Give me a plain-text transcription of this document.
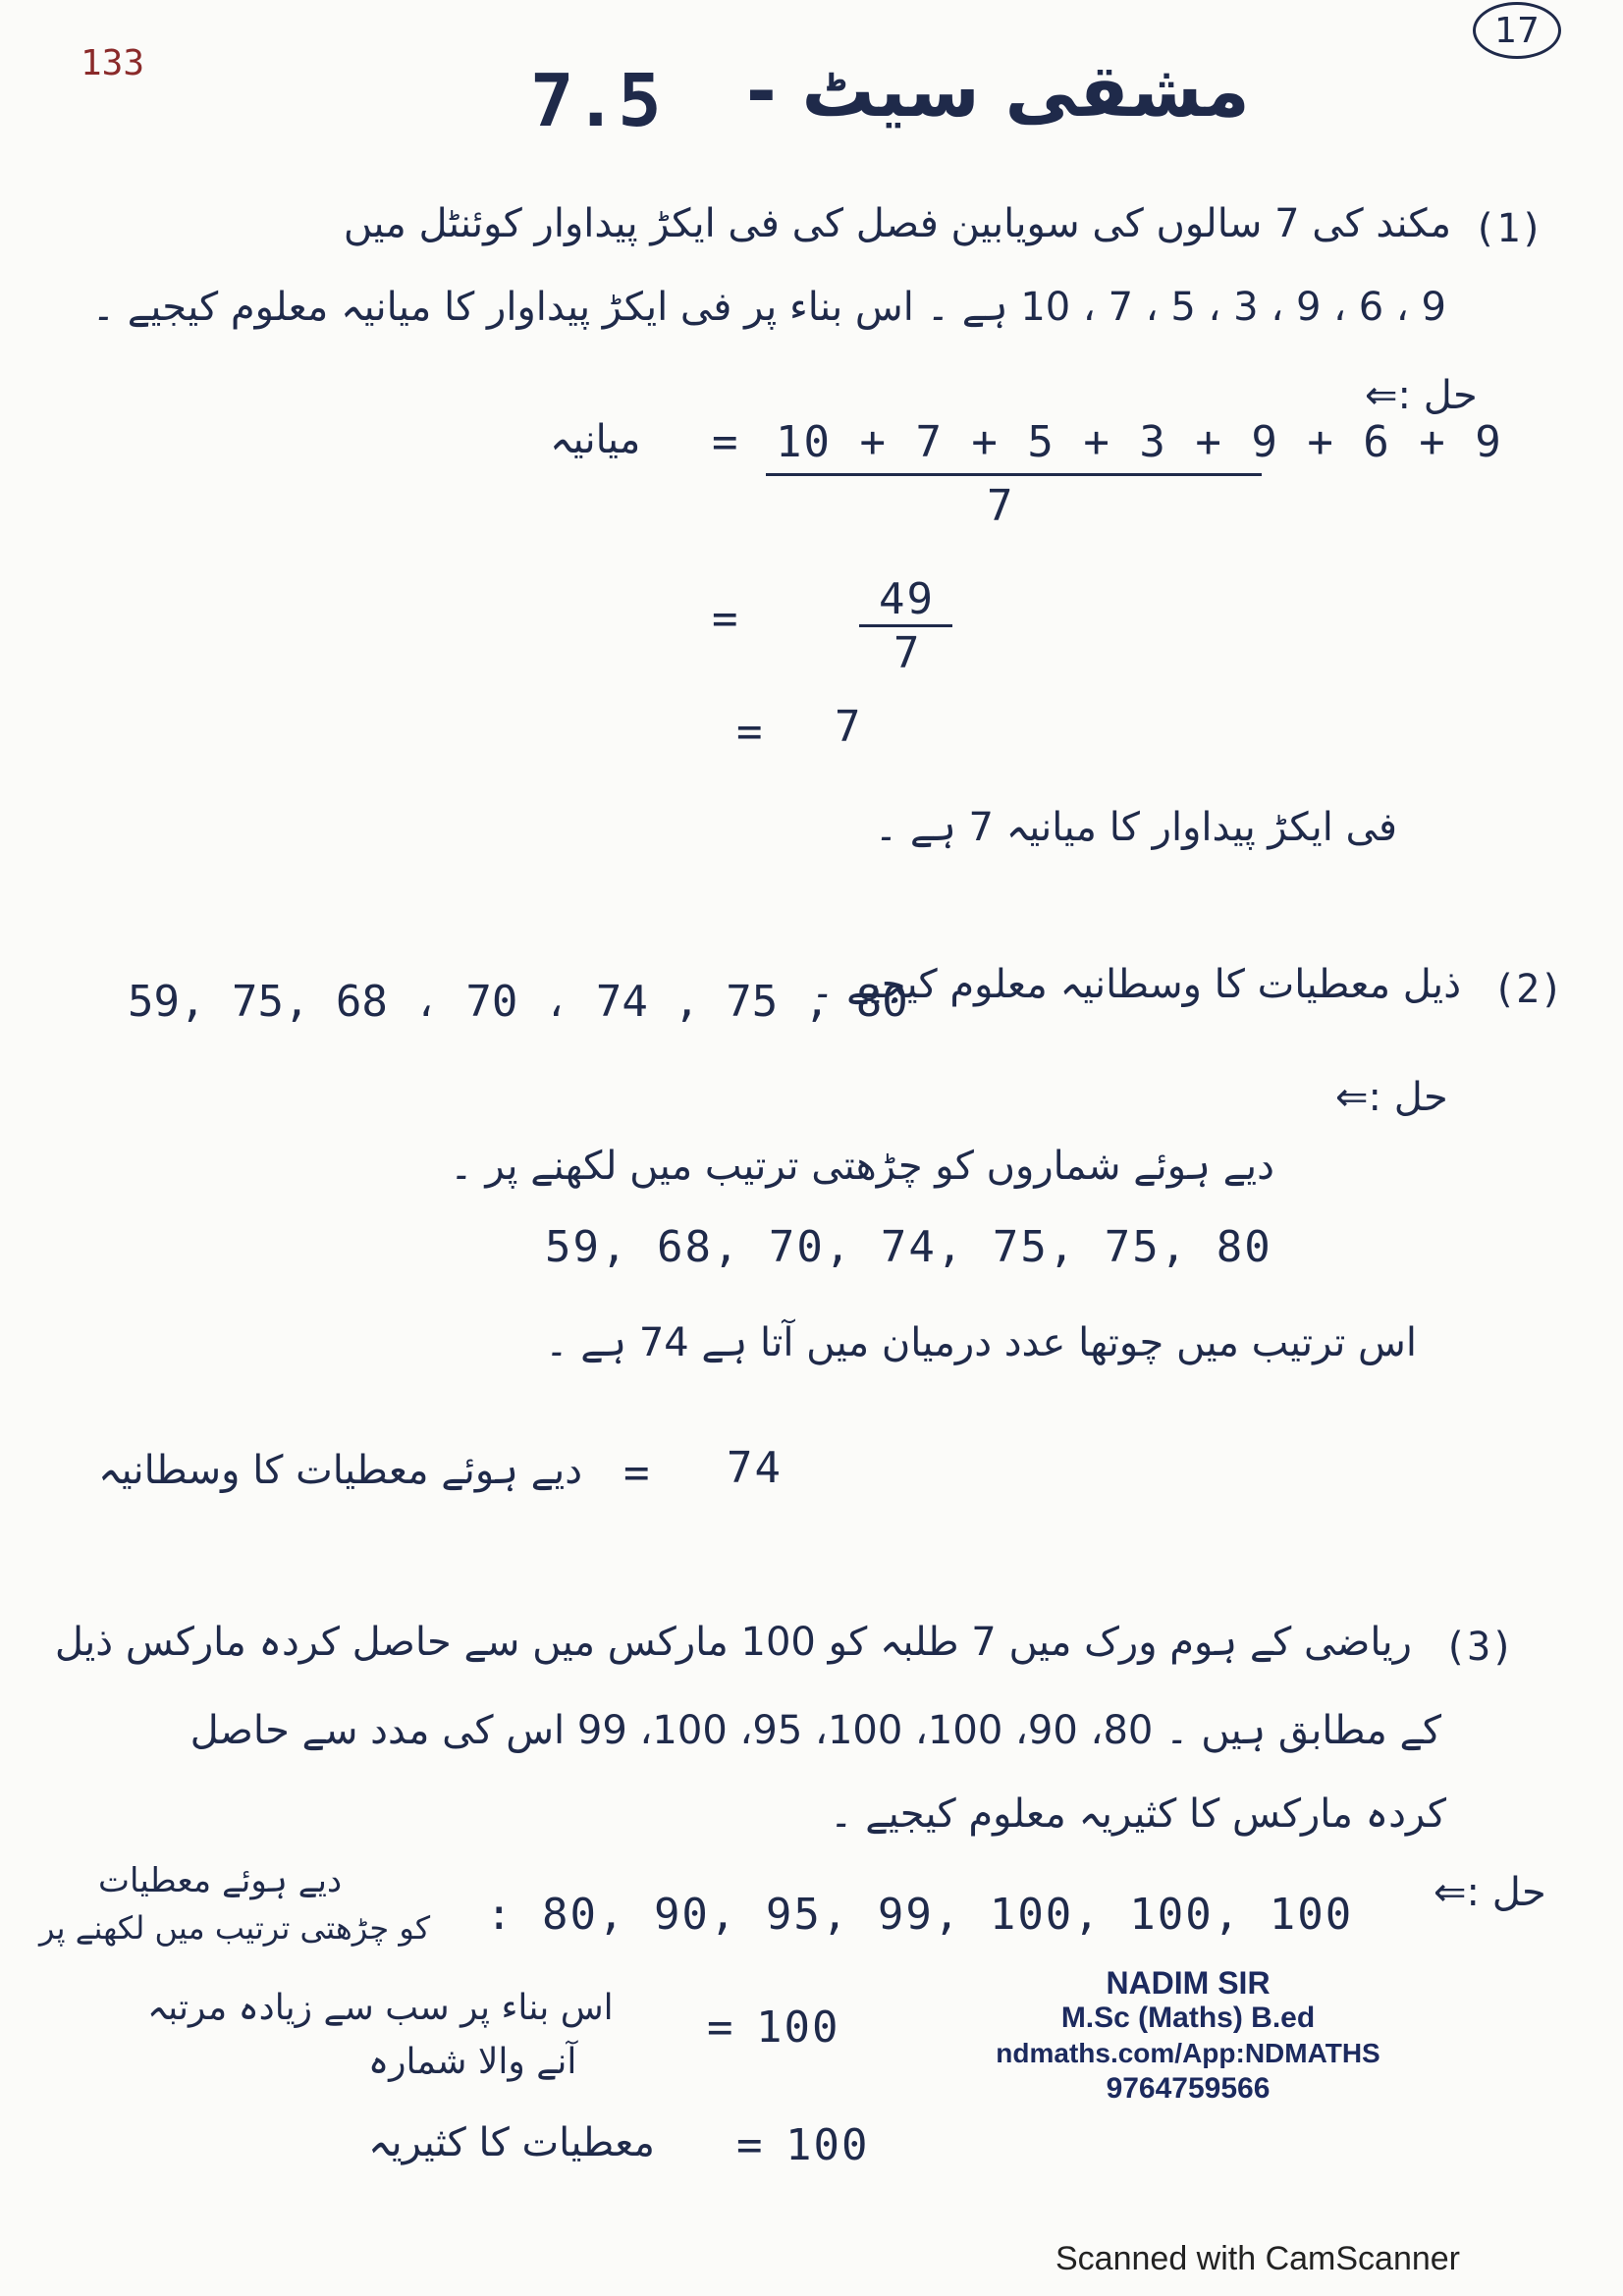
17
133	مشقی سیٹ -
7.5
(1)
مکند کی 7 سالوں کی سویابین فصل کی فی ایکڑ پیداوار کوئنٹل میں
9 ، 6 ، 9 ، 3 ، 5 ، 7 ، 10 ہے ۔ اس بناء پر فی ایکڑ پیداوار کا میانیہ معلوم کیجیے ۔
حل :⇐
میانیہ = 10 + 7 + 5 + 3 + 9 + 6 + 9
7
=	49
7
= 7
فی ایکڑ پیداوار کا میانیہ 7 ہے ۔
(2)
ذیل معطیات کا وسطانیہ معلوم کیجیے ۔
59, 75, 68 ، 70 ، 74 , 75 , 80
حل :⇐
دیے ہوئے شماروں کو چڑھتی ترتیب میں لکھنے پر ۔
59, 68, 70, 74, 75, 75, 80
اس ترتیب میں چوتھا عدد درمیان میں آتا ہے 74 ہے ۔
دیے ہوئے معطیات کا وسطانیہ = 74
(3)
ریاضی کے ہوم ورک میں 7 طلبہ کو 100 مارکس میں سے حاصل کردہ مارکس ذیل
کے مطابق ہیں ۔ 80، 90، 100، 100، 95، 100، 99 اس کی مدد سے حاصل
کردہ مارکس کا کثیریہ معلوم کیجیے ۔
حل :⇐
دیے ہوئے معطیات
کو چڑھتی ترتیب میں لکھنے پر : 80, 90, 95, 99, 100, 100, 100
اس بناء پر سب سے زیادہ مرتبہ
آنے والا شمارہ
= 100
معطیات کا کثیریہ = 100
NADIM SIR
M.Sc (Maths) B.ed
ndmaths.com/App:NDMATHS
9764759566
Scanned with CamScanner
